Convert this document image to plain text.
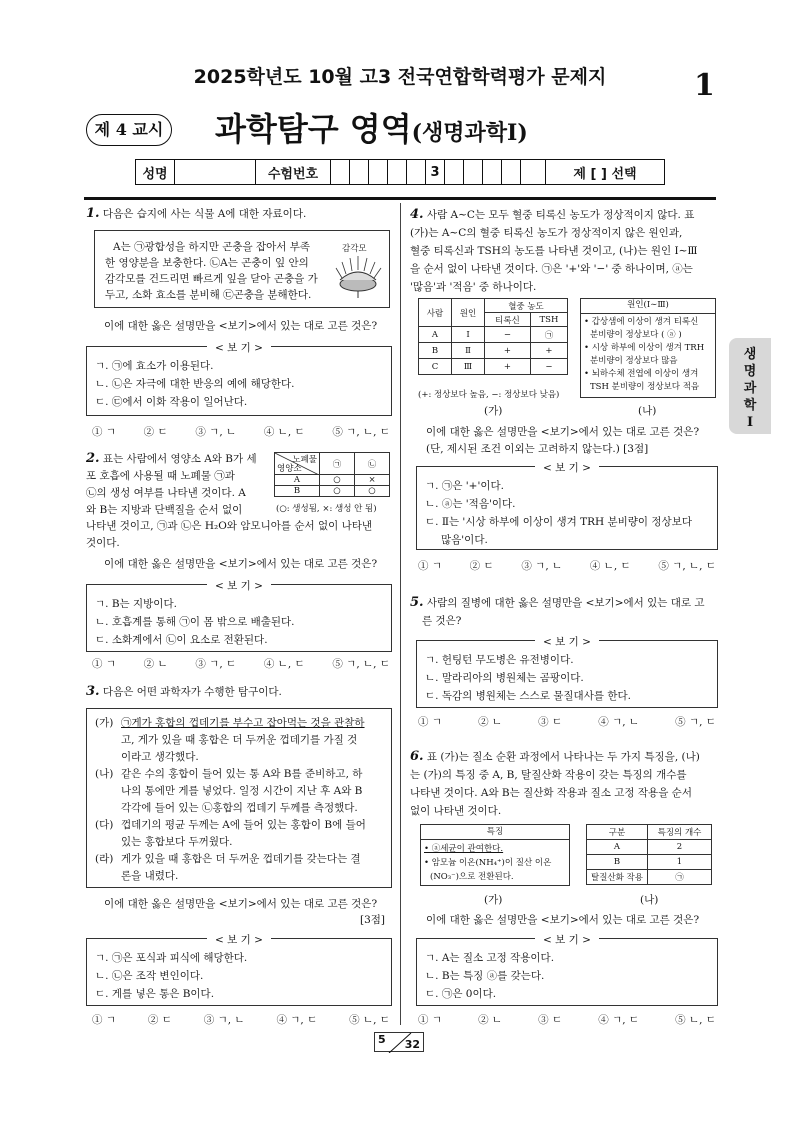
2025학년도 10월 고3 전국연합학력평가 문제지	1
제 4 교시 과학탐구 영역(생명과학Ⅰ)
성명	수험번호	3	제 [ ] 선택
생
명
과
학
Ⅰ
1. 다음은 습지에 사는 식물 A에 대한 자료이다.
A는 ㉠광합성을 하지만 곤충을 잡아서 부족
한 영양분을 보충한다. ㉡A는 곤충이 잎 안의
감각모를 건드리면 빠르게 잎을 닫아 곤충을 가
두고, 소화 효소를 분비해 ㉢곤충을 분해한다.
감각모
이에 대한 옳은 설명만을 <보기>에서 있는 대로 고른 것은?
< 보 기 >
ㄱ. ㉠에 효소가 이용된다.
ㄴ. ㉡은 자극에 대한 반응의 예에 해당한다.
ㄷ. ㉢에서 이화 작용이 일어난다.
① ㄱ	② ㄷ	③ ㄱ, ㄴ	④ ㄴ, ㄷ	⑤ ㄱ, ㄴ, ㄷ
2. 표는 사람에서 영양소 A와 B가 세
포 호흡에 사용될 때 노폐물 ㉠과
㉡의 생성 여부를 나타낸 것이다. A
와 B는 지방과 단백질을 순서 없이
나타낸 것이고, ㉠과 ㉡은 H₂O와 암모니아를 순서 없이 나타낸
것이다.
노폐물
영양소	㉠	㉡
A	○	×
B	○	○
(○: 생성됨, ×: 생성 안 됨)
이에 대한 옳은 설명만을 <보기>에서 있는 대로 고른 것은?
< 보 기 >
ㄱ. B는 지방이다.
ㄴ. 호흡계를 통해 ㉠이 몸 밖으로 배출된다.
ㄷ. 소화계에서 ㉡이 요소로 전환된다.
① ㄱ	② ㄴ	③ ㄱ, ㄷ	④ ㄴ, ㄷ	⑤ ㄱ, ㄴ, ㄷ
3. 다음은 어떤 과학자가 수행한 탐구이다.
(가) ㉠게가 홍합의 껍데기를 부수고 잡아먹는 것을 관찰하
고, 게가 있을 때 홍합은 더 두꺼운 껍데기를 가질 것
이라고 생각했다.
(나) 같은 수의 홍합이 들어 있는 통 A와 B를 준비하고, 하
나의 통에만 게를 넣었다. 일정 시간이 지난 후 A와 B
각각에 들어 있는 ㉡홍합의 껍데기 두께를 측정했다.
(다) 껍데기의 평균 두께는 A에 들어 있는 홍합이 B에 들어
있는 홍합보다 두꺼웠다.
(라) 게가 있을 때 홍합은 더 두꺼운 껍데기를 갖는다는 결
론을 내렸다.
이에 대한 옳은 설명만을 <보기>에서 있는 대로 고른 것은?
[3점]
< 보 기 >
ㄱ. ㉠은 포식과 피식에 해당한다.
ㄴ. ㉡은 조작 변인이다.
ㄷ. 게를 넣은 통은 B이다.
① ㄱ	② ㄷ	③ ㄱ, ㄴ	④ ㄱ, ㄷ	⑤ ㄴ, ㄷ
4. 사람 A∼C는 모두 혈중 티록신 농도가 정상적이지 않다. 표
(가)는 A∼C의 혈중 티록신 농도가 정상적이지 않은 원인과,
혈중 티록신과 TSH의 농도를 나타낸 것이고, (나)는 원인 Ⅰ∼Ⅲ
을 순서 없이 나타낸 것이다. ㉠은 '+'와 '−' 중 하나이며, ⓐ는
'많음'과 '적음' 중 하나이다.
사람	원인	혈중 농도	
		티록신	TSH
A	Ⅰ	−	㉠
B	Ⅱ	+	+
C	Ⅲ	+	−
(+: 정상보다 높음, −: 정상보다 낮음)
원인(Ⅰ∼Ⅲ)
• 갑상샘에 이상이 생겨 티록신
분비량이 정상보다 ( ⓐ )
• 시상 하부에 이상이 생겨 TRH
분비량이 정상보다 많음
• 뇌하수체 전엽에 이상이 생겨
TSH 분비량이 정상보다 적음
(가)	(나)
이에 대한 옳은 설명만을 <보기>에서 있는 대로 고른 것은?
(단, 제시된 조건 이외는 고려하지 않는다.) [3점]
< 보 기 >
ㄱ. ㉠은 '+'이다.
ㄴ. ⓐ는 '적음'이다.
ㄷ. Ⅱ는 '시상 하부에 이상이 생겨 TRH 분비량이 정상보다
많음'이다.
① ㄱ	② ㄷ	③ ㄱ, ㄴ	④ ㄴ, ㄷ	⑤ ㄱ, ㄴ, ㄷ
5. 사람의 질병에 대한 옳은 설명만을 <보기>에서 있는 대로 고
른 것은?
< 보 기 >
ㄱ. 헌팅턴 무도병은 유전병이다.
ㄴ. 말라리아의 병원체는 곰팡이다.
ㄷ. 독감의 병원체는 스스로 물질대사를 한다.
① ㄱ	② ㄴ	③ ㄷ	④ ㄱ, ㄴ	⑤ ㄱ, ㄷ
6. 표 (가)는 질소 순환 과정에서 나타나는 두 가지 특징을, (나)
는 (가)의 특징 중 A, B, 탈질산화 작용이 갖는 특징의 개수를
나타낸 것이다. A와 B는 질산화 작용과 질소 고정 작용을 순서
없이 나타낸 것이다.
특징
• ⓐ세균이 관여한다.
• 암모늄 이온(NH₄⁺)이 질산 이온
(NO₃⁻)으로 전환된다.
구분	특징의 개수
A	2
B	1
탈질산화 작용	㉠
(가)	(나)
이에 대한 옳은 설명만을 <보기>에서 있는 대로 고른 것은?
< 보 기 >
ㄱ. A는 질소 고정 작용이다.
ㄴ. B는 특징 ⓐ를 갖는다.
ㄷ. ㉠은 0이다.
① ㄱ	② ㄴ	③ ㄷ	④ ㄱ, ㄷ	⑤ ㄴ, ㄷ
5 32
